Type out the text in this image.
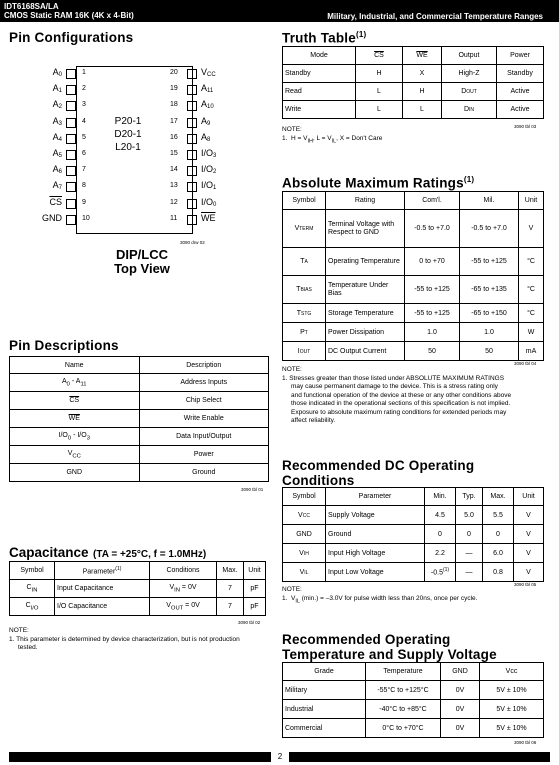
IDT6168SA/LA
CMOS Static RAM 16K (4K x 4-Bit)	Military, Industrial, and Commercial Temperature Ranges
Pin Configurations
A0	1
A1	2
A2	3
A3	4
A4	5
A5	6
A6	7
A7	8
$\overline{CS}$	9
GND	10
20	VCC
19	A11
18	A10
17	A9
16	A8
15	I/O3
14	I/O2
13	I/O1
12	I/O0
11	$\overline{WE}$
P20-1
D20-1
L20-1
3090 drw 02
DIP/LCC
Top View
Pin Descriptions
Name	Description
$A_0 - A_{11}$	Address Inputs
$\overline{CS}$	Chip Select
$\overline{WE}$	Write Enable
$I/O_0 - I/O_3$	Data Input/Output
$V_{CC}$	Power
GND	Ground
3090 tbl 01
Capacitance (TA = +25°C, f = 1.0MHz)
Symbol	Parameter$^{(1)}$	Conditions	Max.	Unit
$C_{IN}$	Input Capacitance	$V_{IN} = 0V$	7	pF
$C_{I/O}$	I/O Capacitance	$V_{OUT} = 0V$	7	pF
3090 tbl 02
NOTE:
1. This parameter is determined by device characterization, but is not production
tested.
Truth Table$^{(1)}$
Mode	$\overline{CS}$	$\overline{WE}$	Output	Power
Standby	H	X	High-Z	Standby
Read	L	H	DOUT	Active
Write	L	L	DIN	Active
3090 tbl 03
NOTE:
1.  $H = V_{IH}$, $L = V_{IL}$, X = Don't Care
Absolute Maximum Ratings$^{(1)}$
Symbol	Rating	Com'l.	Mil.	Unit
VTERM	Terminal Voltage with Respect to GND	-0.5 to +7.0	-0.5 to +7.0	V
TA	Operating Temperature	0 to +70	-55 to +125	°C
TBIAS	Temperature Under Bias	-55 to +125	-65 to +135	°C
TSTG	Storage Temperature	-55 to +125	-65 to +150	°C
PT	Power Dissipation	1.0	1.0	W
IOUT	DC Output Current	50	50	mA
3090 tbl 04
NOTE:
1. Stresses greater than those listed under ABSOLUTE MAXIMUM RATINGS
may cause permanent damage to the device. This is a stress rating only
and functional operation of the device at these or any other conditions above
those indicated in the operational sections of this specification is not implied.
Exposure to absolute maximum rating conditions for extended periods may
affect reliability.
Recommended DC Operating
Conditions
Symbol	Parameter	Min.	Typ.	Max.	Unit
VCC	Supply Voltage	4.5	5.0	5.5	V
GND	Ground	0	0	0	V
VIH	Input High Voltage	2.2	—	6.0	V
VIL	Input Low Voltage	-0.5$^{(1)}$	—	0.8	V
3090 tbl 05
NOTE:
1.  $V_{IL}$ (min.) = –3.0V for pulse width less than 20ns, once per cycle.
Recommended Operating
Temperature and Supply Voltage
Grade	Temperature	GND	Vcc
Military	-55°C to +125°C	0V	5V ± 10%
Industrial	-40°C to +85°C	0V	5V ± 10%
Commercial	0°C to +70°C	0V	5V ± 10%
3090 tbl 06
2
